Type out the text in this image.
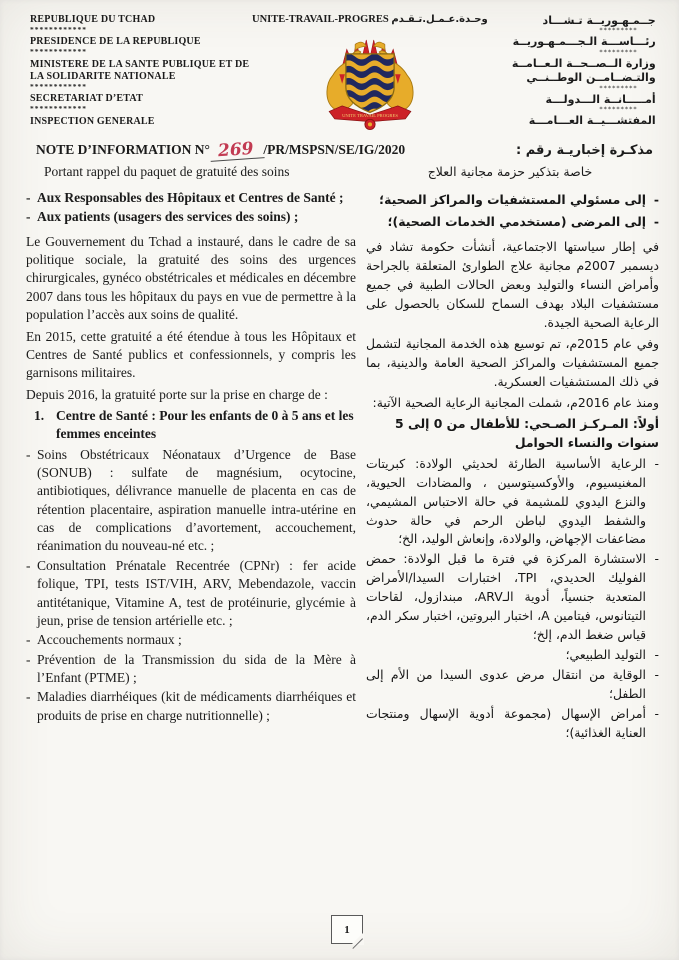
REPUBLIQUE DU TCHAD
************
PRESIDENCE DE LA REPUBLIQUE
************
MINISTERE DE LA SANTE PUBLIQUE ET DE LA SOLIDARITE NATIONALE
************
SECRETARIAT D’ETAT
************
INSPECTION GENERALE
UNITE-TRAVAIL-PROGRES وحـدة.عـمـل.تـقـدم
UNITE TRAVAIL PROGRES
جــمـهـوريــة تـشـــاد
*********
رئـــاســـة الـجـــمـهـوريــة
*********
وزارة الــصــحــة الـعــامــة والتـضــامــن الوطــنــي
*********
أمـــــانــة الـــدولـــة
*********
المفتشـــيــة العـــامـــة
NOTE D’INFORMATION N° 269 /PR/MSPSN/SE/IG/2020	مذكـرة إخباريـة رقم :
Portant rappel du paquet de gratuité des soins	خاصة بتذكير حزمة مجانية العلاج
- Aux Responsables des Hôpitaux et Centres de Santé ;
- Aux patients (usagers des services des soins) ;

Le Gouvernement du Tchad a instauré, dans le cadre de sa politique sociale, la gratuité des soins des urgences chirurgicales, gynéco obstétricales et médicales en décembre 2007 dans tous les hôpitaux du pays en vue de permettre à la population l’accès aux soins de qualité.

En 2015, cette gratuité a été étendue à tous les Hôpitaux et Centres de Santé publics et confessionnels, y compris les garnisons militaires.

Depuis 2016, la gratuité porte sur la prise en charge de :

1. Centre de Santé : Pour les enfants de 0 à 5 ans et les femmes enceintes
- Soins Obstétricaux Néonataux d’Urgence de Base (SONUB) : sulfate de magnésium, ocytocine, antibiotiques, délivrance manuelle de placenta en cas de rétention placentaire, aspiration manuelle intra-utérine en cas de complications d’avortement, accouchement, réanimation du nouveau-né etc. ;
- Consultation Prénatale Recentrée (CPNr) : fer acide folique, TPI, tests IST/VIH, ARV, Mebendazole, vaccin antitétanique, Vitamine A, test de protéinurie, glycémie à jeun, prise de tension artérielle etc. ;
- Accouchements normaux ;
- Prévention de la Transmission du sida de la Mère à l’Enfant (PTME) ;
- Maladies diarrhéiques (kit de médicaments diarrhéiques et produits de prise en charge nutritionnelle) ;
-
إلى مسئولي المستشفيات والمراكز الصحية؛
-
إلى المرضى (مستخدمي الخدمات الصحية)؛

في إطار سياستها الاجتماعية، أنشأت حكومة تشاد في ديسمبر 2007م مجانية علاج الطوارئ المتعلقة بالجراحة وأمراض النساء والتوليد وبعض الحالات الطبية في جميع مستشفيات البلاد بهدف السماح للسكان بالحصول على الرعاية الصحية الجيدة.

وفي عام 2015م، تم توسيع هذه الخدمة المجانية لتشمل جميع المستشفيات والمراكز الصحية العامة والدينية، بما في ذلك المستشفيات العسكرية.

ومنذ عام 2016م، شملت المجانية الرعاية الصحية الآتية:

أولاً: المـركـز الصـحي: للأطفال من 0 إلى 5 سنوات والنساء الحوامل
-
الرعاية الأساسية الطارئة لحديثي الولادة: كبريتات المغنيسيوم، والأوكسيتوسين ، والمضادات الحيوية، والنزع اليدوي للمشيمة في حالة الاحتباس المشيمي، والشفط اليدوي لباطن الرحم في حالة حدوث مضاعفات الإجهاض، والولادة، وإنعاش الوليد، الخ؛
-
الاستشارة المركزة في فترة ما قبل الولادة: حمض الفوليك الحديدي، TPI، اختبارات السيدا/الأمراض المتعدية جنسياً، أدوية الـARV، مبندازول، لقاحات التيتانوس، فيتامين A، اختبار البروتين، اختبار سكر الدم، قياس ضغط الدم، إلخ؛
-
التوليد الطبيعي؛
-
الوقاية من انتقال مرض عدوى السيدا من الأم إلى الطفل؛
-
أمراض الإسهال (مجموعة أدوية الإسهال ومنتجات العناية الغذائية)؛
1
